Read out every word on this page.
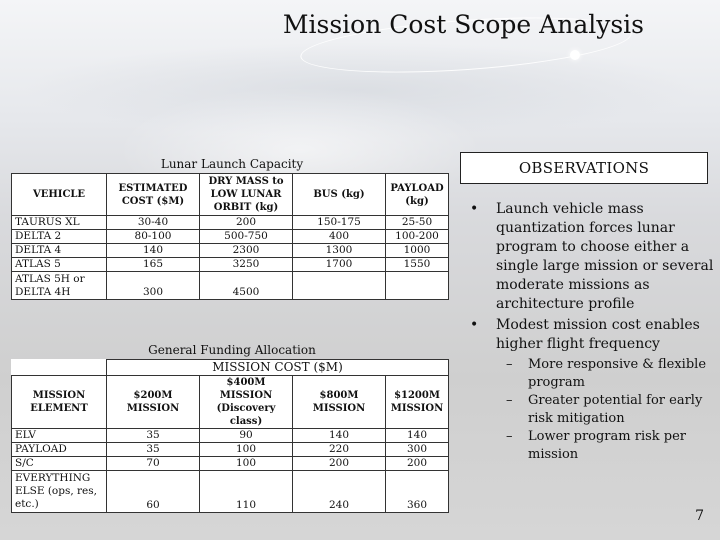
Mission Cost Scope Analysis
Lunar Launch Capacity
VEHICLE	ESTIMATED COST ($M)	DRY MASS to LOW LUNAR ORBIT (kg)	BUS (kg)	PAYLOAD (kg)
TAURUS XL	30-40	200	150-175	25-50
DELTA 2	80-100	500-750	400	100-200
DELTA 4	140	2300	1300	1000
ATLAS 5	165	3250	1700	1550
ATLAS 5H or DELTA 4H	300	4500		
General Funding Allocation
	MISSION COST ($M)			
MISSION ELEMENT	$200M MISSION	$400M MISSION (Discovery class)	$800M MISSION	$1200M MISSION
ELV	35	90	140	140
PAYLOAD	35	100	220	300
S/C	70	100	200	200
EVERYTHING ELSE (ops, res, etc.)	60	110	240	360
OBSERVATIONS

• Launch vehicle mass quantization forces lunar program to choose either a single large mission or several moderate missions as architecture profile

• Modest mission cost enables higher flight frequency

– More responsive & flexible program

– Greater potential for early risk mitigation

– Lower program risk per mission

7
